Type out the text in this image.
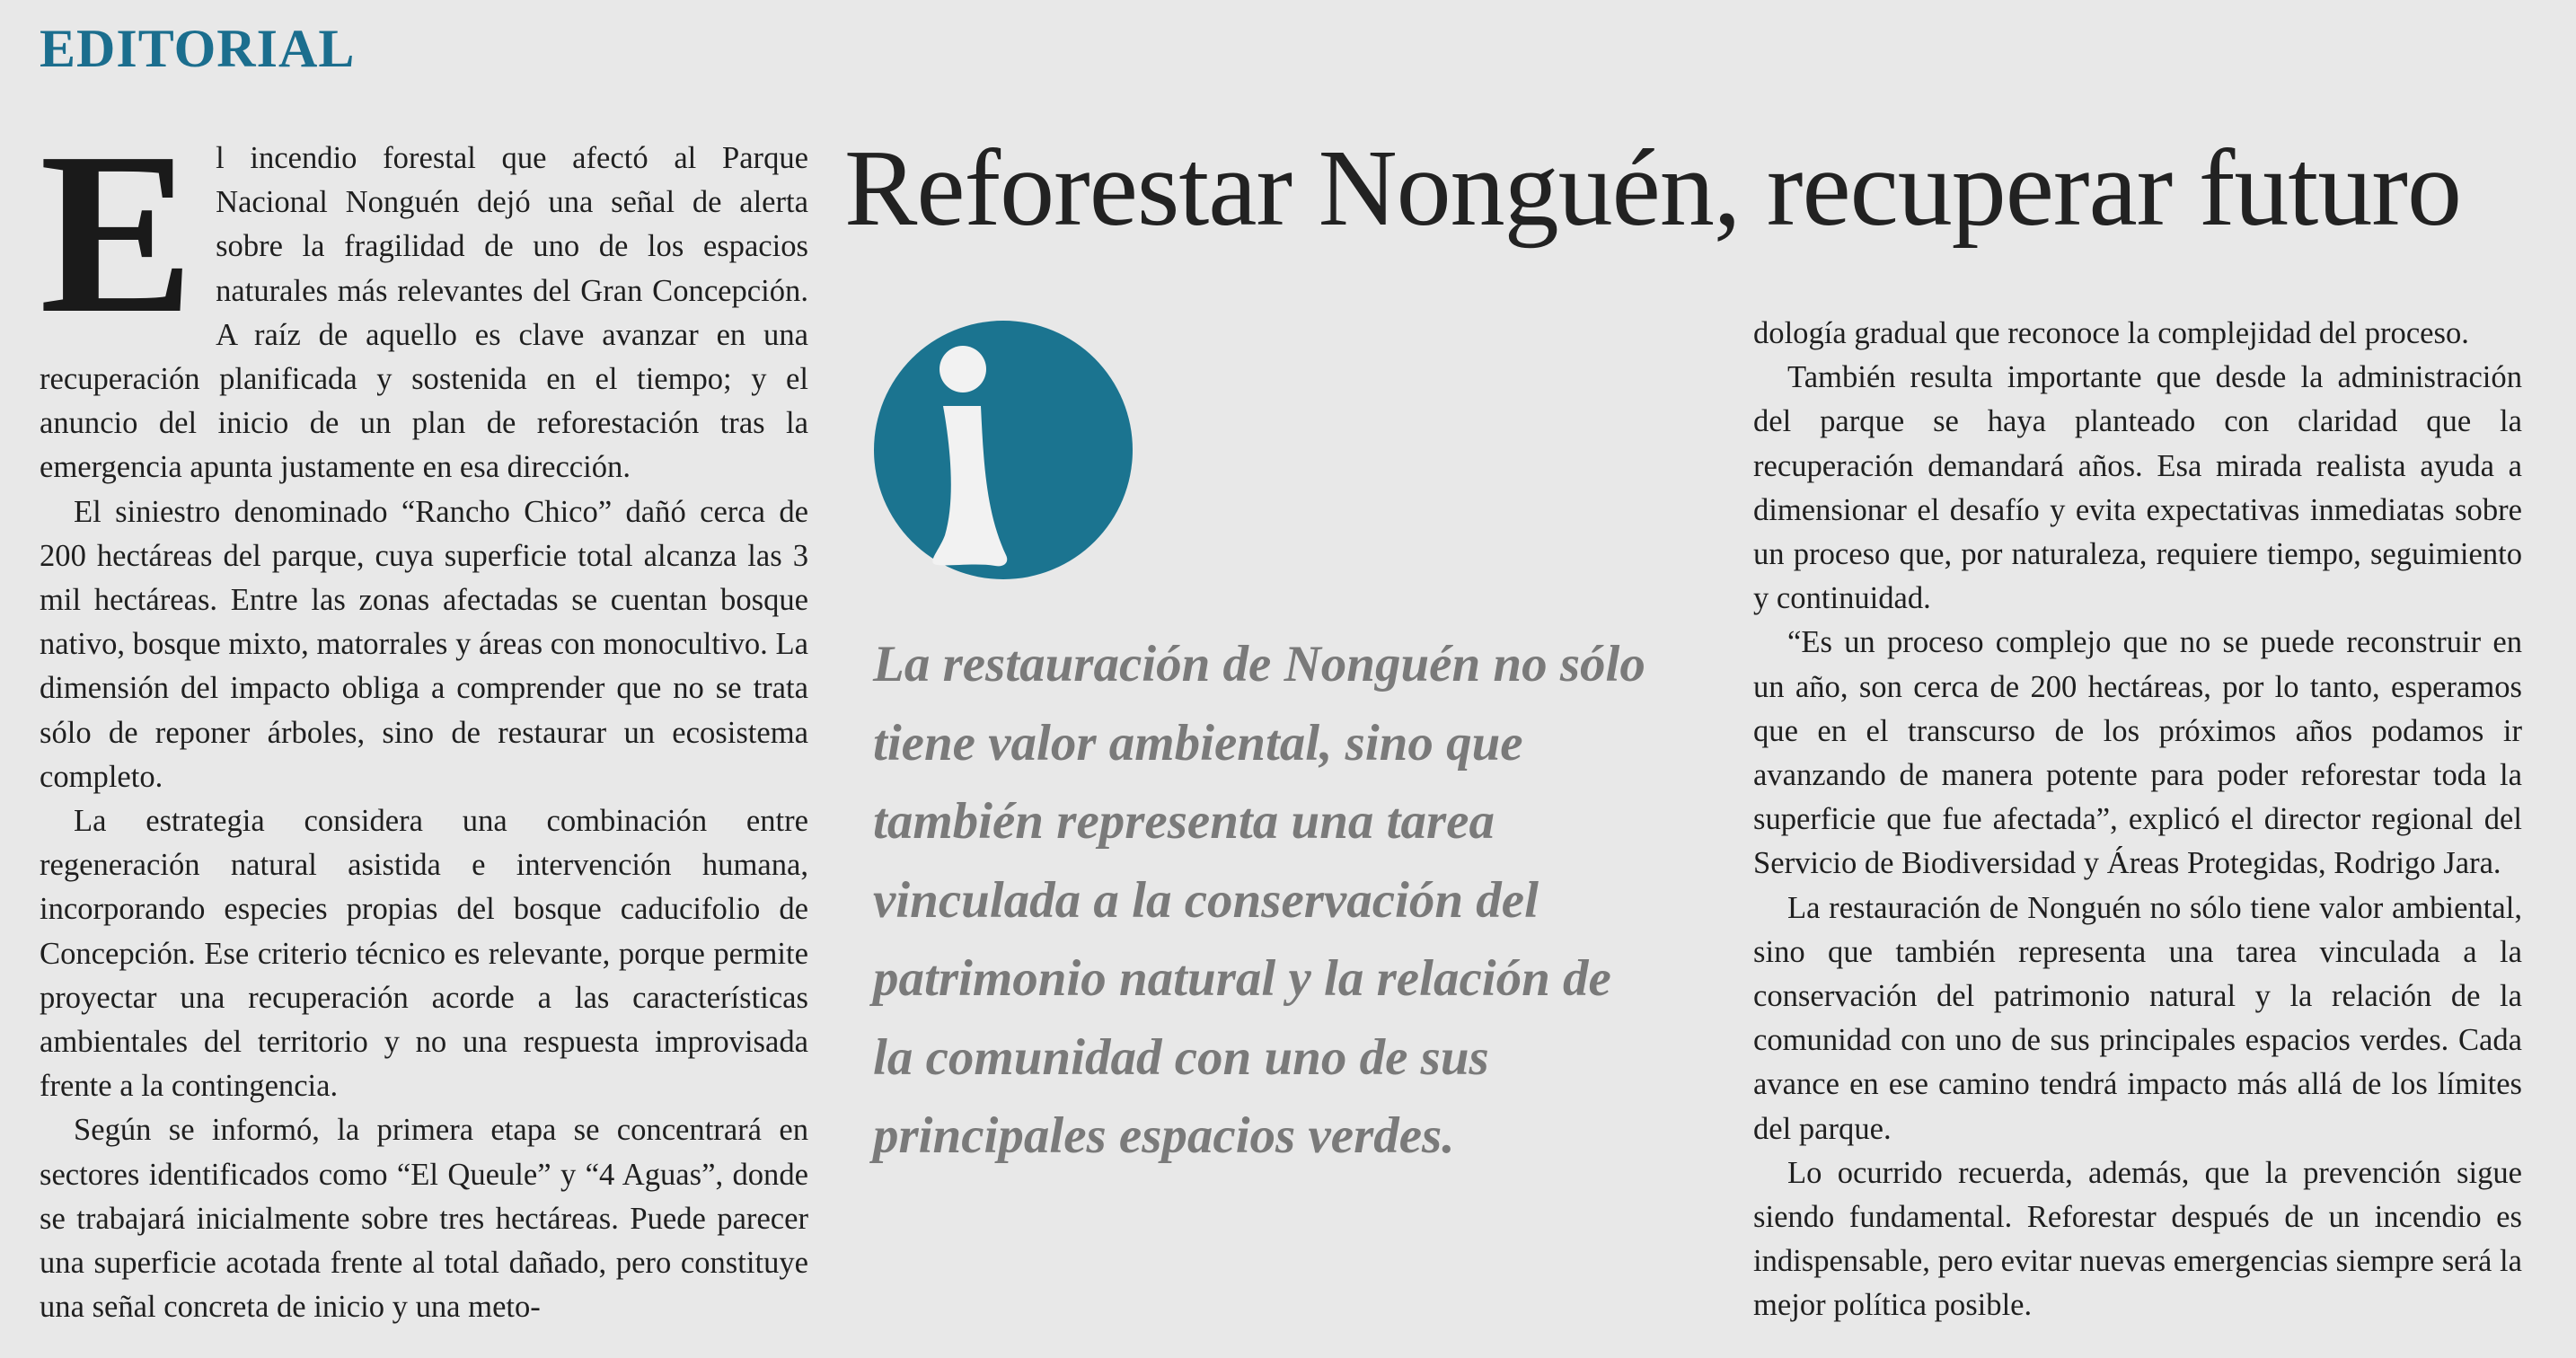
EDITORIAL
Reforestar Nonguén, recuperar futuro

El incendio forestal que afectó al Parque Nacional Nonguén dejó una señal de alerta sobre la fragilidad de uno de los espacios naturales más relevantes del Gran Concepción. A raíz de aquello es clave avanzar en una recuperación planificada y sostenida en el tiempo; y el anuncio del inicio de un plan de reforestación tras la emergencia apunta justamente en esa dirección.

El siniestro denominado “Rancho Chico” dañó cerca de 200 hectáreas del parque, cuya superficie total alcanza las 3 mil hectáreas. Entre las zonas afectadas se cuentan bosque nativo, bosque mixto, matorrales y áreas con monocultivo. La dimensión del impacto obliga a comprender que no se trata sólo de reponer árboles, sino de restaurar un ecosistema completo.

La estrategia considera una combinación entre regeneración natural asistida e intervención humana, incorporando especies propias del bosque caducifolio de Concepción. Ese criterio técnico es relevante, porque permite proyectar una recuperación acorde a las características ambientales del territorio y no una respuesta improvisada frente a la contingencia.

Según se informó, la primera etapa se concentrará en sectores identificados como “El Queule” y “4 Aguas”, donde se trabajará inicialmente sobre tres hectáreas. Puede parecer una superficie acotada frente al total dañado, pero constituye una señal concreta de inicio y una meto-

La restauración de Nonguén no sólo tiene valor ambiental, sino que también representa una tarea vinculada a la conservación del patrimonio natural y la relación de la comunidad con uno de sus principales espacios verdes.

dología gradual que reconoce la complejidad del proceso.

También resulta importante que desde la administración del parque se haya planteado con claridad que la recuperación demandará años. Esa mirada realista ayuda a dimensionar el desafío y evita expectativas inmediatas sobre un proceso que, por naturaleza, requiere tiempo, seguimiento y continuidad.

“Es un proceso complejo que no se puede reconstruir en un año, son cerca de 200 hectáreas, por lo tanto, esperamos que en el transcurso de los próximos años podamos ir avanzando de manera potente para poder reforestar toda la superficie que fue afectada”, explicó el director regional del Servicio de Biodiversidad y Áreas Protegidas, Rodrigo Jara.

La restauración de Nonguén no sólo tiene valor ambiental, sino que también representa una tarea vinculada a la conservación del patrimonio natural y la relación de la comunidad con uno de sus principales espacios verdes. Cada avance en ese camino tendrá impacto más allá de los límites del parque.

Lo ocurrido recuerda, además, que la prevención sigue siendo fundamental. Reforestar después de un incendio es indispensable, pero evitar nuevas emergencias siempre será la mejor política posible.
